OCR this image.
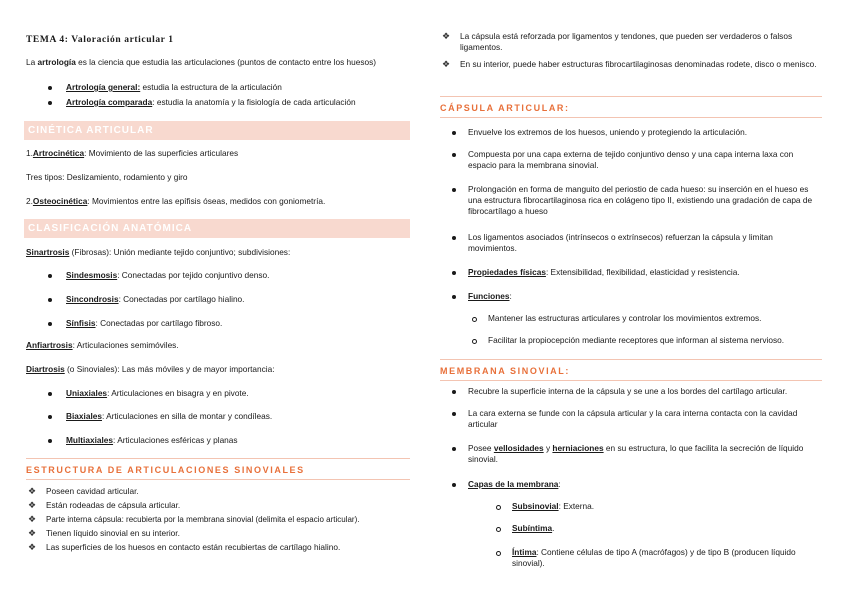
TEMA 4: Valoración articular 1
La artrología es la ciencia que estudia las articulaciones (puntos de contacto entre los huesos)
Artrología general: estudia la estructura de la articulación
Artrología comparada: estudia la anatomía y la fisiología de cada articulación
CINÉTICA ARTICULAR
1.Artrocinética: Movimiento de las superficies articulares
Tres tipos: Deslizamiento, rodamiento y giro
2.Osteocinética: Movimientos entre las epífisis óseas, medidos con goniometría.
CLASIFICACIÓN ANATÓMICA
Sinartrosis (Fibrosas): Unión mediante tejido conjuntivo; subdivisiones:
Sindesmosis: Conectadas por tejido conjuntivo denso.
Sincondrosis: Conectadas por cartílago hialino.
Sínfisis: Conectadas por cartílago fibroso.
Anfiartrosis: Articulaciones semimóviles.
Diartrosis (o Sinoviales): Las más móviles y de mayor importancia:
Uniaxiales: Articulaciones en bisagra y en pivote.
Biaxiales: Articulaciones en silla de montar y condíleas.
Multiaxiales: Articulaciones esféricas y planas
ESTRUCTURA DE ARTICULACIONES SINOVIALES
❖ Poseen cavidad articular.
❖ Están rodeadas de cápsula articular.
❖ Parte interna cápsula: recubierta por la membrana sinovial (delimita el espacio articular).
❖ Tienen líquido sinovial en su interior.
❖ Las superficies de los huesos en contacto están recubiertas de cartílago hialino.
❖ La cápsula está reforzada por ligamentos y tendones, que pueden ser verdaderos o falsos ligamentos.
❖ En su interior, puede haber estructuras fibrocartilaginosas denominadas rodete, disco o menisco.
CÁPSULA ARTICULAR:
Envuelve los extremos de los huesos, uniendo y protegiendo la articulación.
Compuesta por una capa externa de tejido conjuntivo denso y una capa interna laxa con espacio para la membrana sinovial.
Prolongación en forma de manguito del periostio de cada hueso: su inserción en el hueso es una estructura fibrocartilaginosa rica en colágeno tipo II, existiendo una gradación de capa de fibrocartílago a hueso
Los ligamentos asociados (intrínsecos o extrínsecos) refuerzan la cápsula y limitan movimientos.
Propiedades físicas: Extensibilidad, flexibilidad, elasticidad y resistencia.
Funciones:
Mantener las estructuras articulares y controlar los movimientos extremos.
Facilitar la propiocepción mediante receptores que informan al sistema nervioso.
MEMBRANA SINOVIAL:
Recubre la superficie interna de la cápsula y se une a los bordes del cartílago articular.
La cara externa se funde con la cápsula articular y la cara interna contacta con la cavidad articular
Posee vellosidades y herniaciones en su estructura, lo que facilita la secreción de líquido sinovial.
Capas de la membrana:
Subsinovial: Externa.
Subíntima.
Íntima: Contiene células de tipo A (macrófagos) y de tipo B (producen líquido sinovial).
